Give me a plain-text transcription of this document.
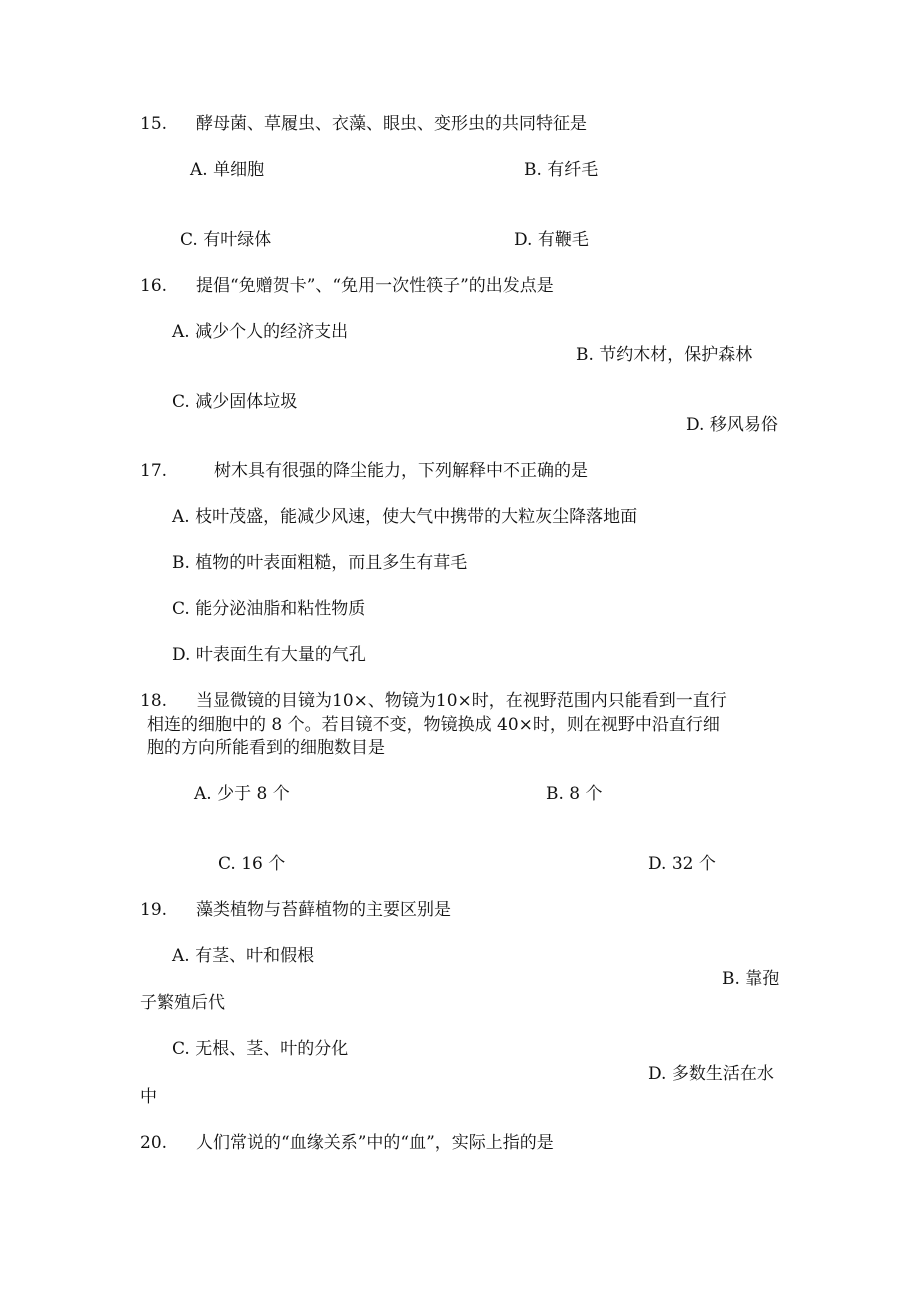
15. 酵母菌、草履虫、衣藻、眼虫、变形虫的共同特征是
A. 单细胞	B. 有纤毛
C. 有叶绿体	D. 有鞭毛
16. 提倡“免赠贺卡”、“免用一次性筷子”的出发点是
A. 减少个人的经济支出
B. 节约木材，保护森林
C. 减少固体垃圾
D. 移风易俗
17.	树木具有很强的降尘能力，下列解释中不正确的是
A. 枝叶茂盛，能减少风速，使大气中携带的大粒灰尘降落地面
B. 植物的叶表面粗糙，而且多生有茸毛
C. 能分泌油脂和粘性物质
D. 叶表面生有大量的气孔
18. 当显微镜的目镜为10×、物镜为10×时，在视野范围内只能看到一直行
相连的细胞中的 8 个。若目镜不变，物镜换成 40×时，则在视野中沿直行细
胞的方向所能看到的细胞数目是
A. 少于 8 个	B. 8 个
C. 16 个	D. 32 个
19. 藻类植物与苔藓植物的主要区别是
A. 有茎、叶和假根
B. 靠孢
子繁殖后代
C. 无根、茎、叶的分化
D. 多数生活在水
中
20. 人们常说的“血缘关系”中的“血”，实际上指的是
